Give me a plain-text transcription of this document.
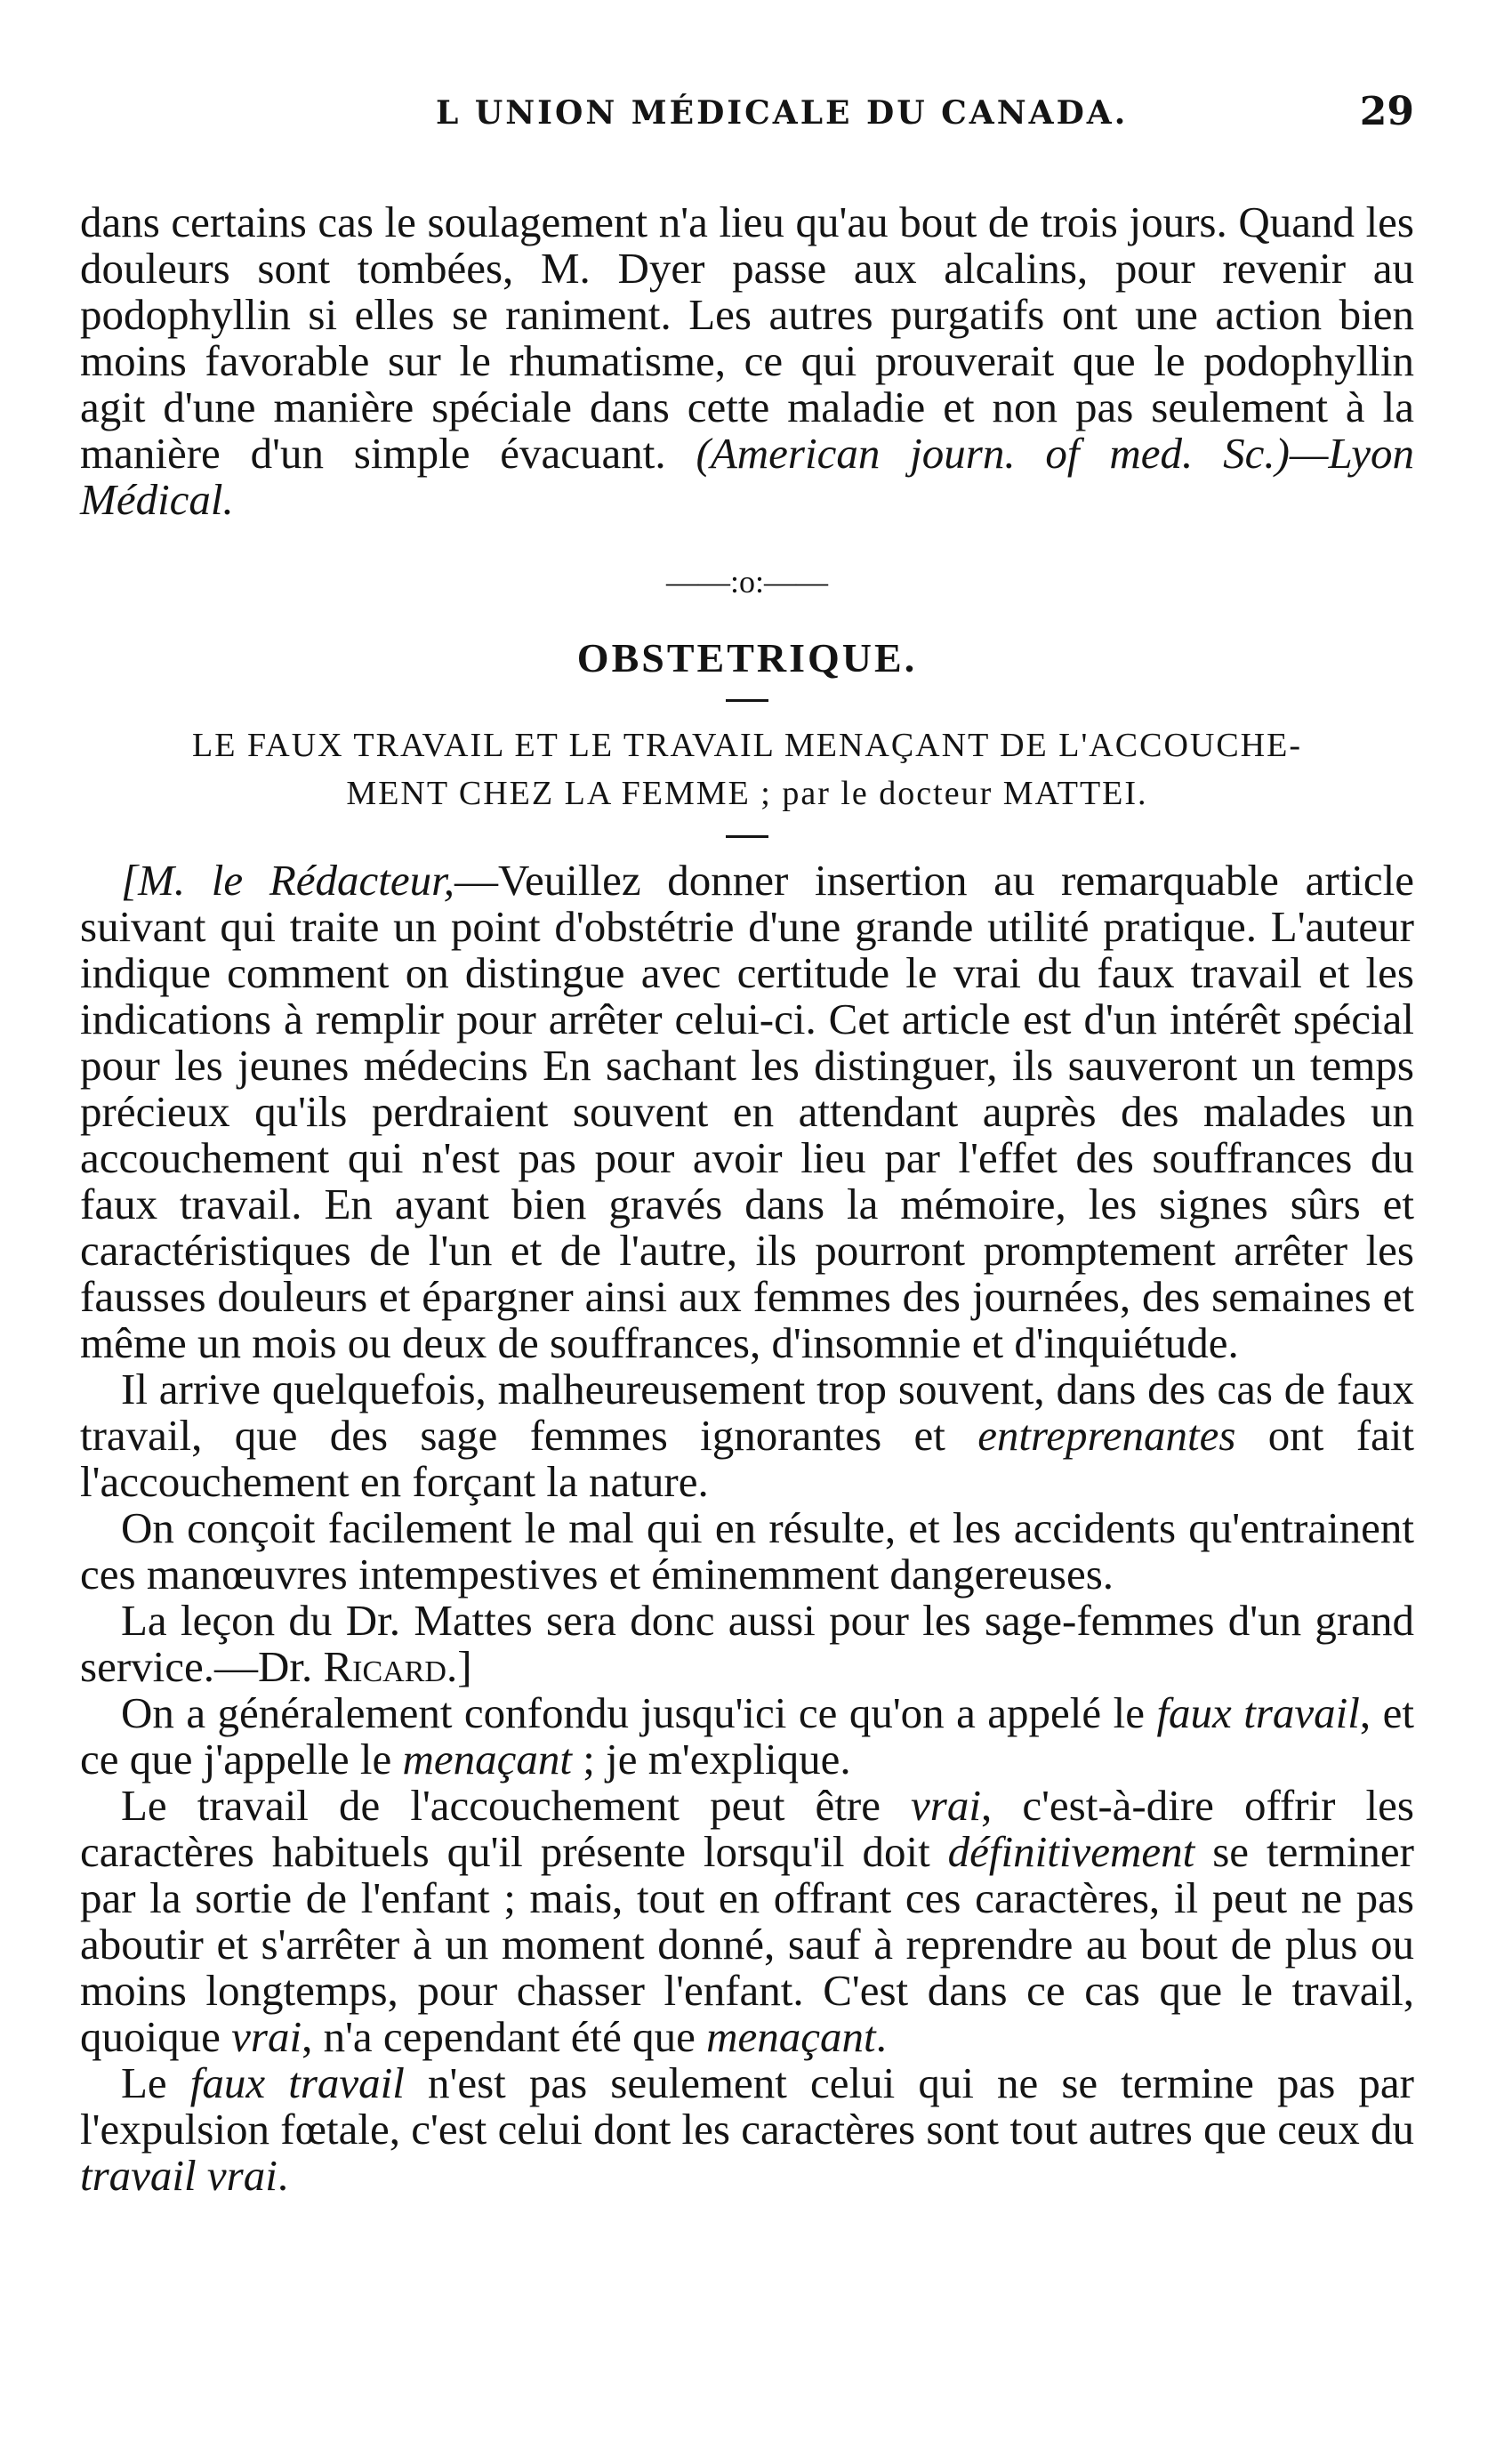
L UNION MÉDICALE DU CANADA.	29

dans certains cas le soulagement n'a lieu qu'au bout de trois jours. Quand les douleurs sont tombées, M. Dyer passe aux alcalins, pour revenir au podophyllin si elles se raniment. Les autres purgatifs ont une action bien moins favorable sur le rhumatisme, ce qui prouverait que le podophyllin agit d'une manière spéciale dans cette maladie et non pas seulement à la manière d'un simple évacuant. (American journ. of med. Sc.)—Lyon Médical.

——:o:——
OBSTETRIQUE.
LE FAUX TRAVAIL ET LE TRAVAIL MENAÇANT DE L'ACCOUCHE-
MENT CHEZ LA FEMME ; par le docteur MATTEI.

[M. le Rédacteur,—Veuillez donner insertion au remarquable article suivant qui traite un point d'obstétrie d'une grande utilité pratique. L'auteur indique comment on distingue avec certitude le vrai du faux travail et les indications à remplir pour arrêter celui-ci. Cet article est d'un intérêt spécial pour les jeunes médecins En sachant les distinguer, ils sauveront un temps précieux qu'ils perdraient souvent en attendant auprès des malades un accouchement qui n'est pas pour avoir lieu par l'effet des souffrances du faux travail. En ayant bien gravés dans la mémoire, les signes sûrs et caractéristiques de l'un et de l'autre, ils pourront promptement arrêter les fausses douleurs et épargner ainsi aux femmes des journées, des semaines et même un mois ou deux de souffrances, d'insomnie et d'inquiétude.

Il arrive quelquefois, malheureusement trop souvent, dans des cas de faux travail, que des sage femmes ignorantes et entreprenantes ont fait l'accouchement en forçant la nature.

On conçoit facilement le mal qui en résulte, et les accidents qu'entrainent ces manœuvres intempestives et éminemment dangereuses.

La leçon du Dr. Mattes sera donc aussi pour les sage-femmes d'un grand service.—Dr. Ricard.]

On a généralement confondu jusqu'ici ce qu'on a appelé le faux travail, et ce que j'appelle le menaçant ; je m'explique.

Le travail de l'accouchement peut être vrai, c'est-à-dire offrir les caractères habituels qu'il présente lorsqu'il doit définitivement se terminer par la sortie de l'enfant ; mais, tout en offrant ces caractères, il peut ne pas aboutir et s'arrêter à un moment donné, sauf à reprendre au bout de plus ou moins longtemps, pour chasser l'enfant. C'est dans ce cas que le travail, quoique vrai, n'a cependant été que menaçant.

Le faux travail n'est pas seulement celui qui ne se termine pas par l'expulsion fœtale, c'est celui dont les caractères sont tout autres que ceux du travail vrai.
